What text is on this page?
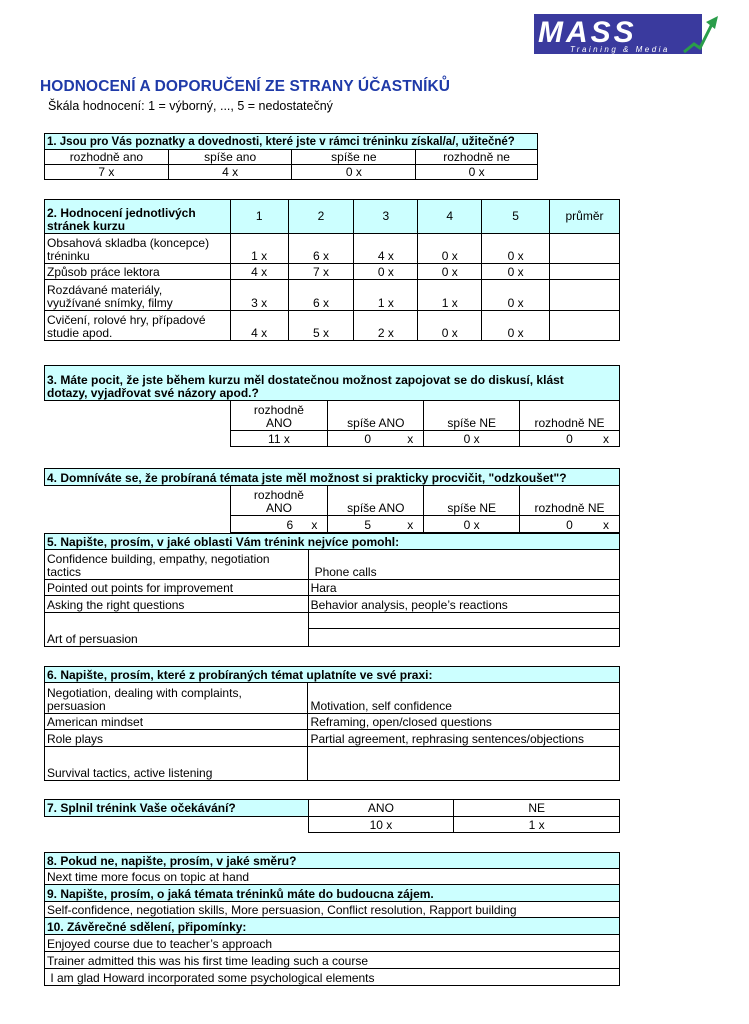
MASS
Training & Media
HODNOCENÍ A DOPORUČENÍ ZE STRANY ÚČASTNÍKŮ
Škála hodnocení: 1 = výborný, ..., 5 = nedostatečný
1. Jsou pro Vás poznatky a dovednosti, které jste v rámci tréninku získal/a/, užitečné?			
rozhodně ano	spíše ano	spíše ne	rozhodně ne
7 x	4 x	0 x	0 x
2. Hodnocení jednotlivých
stránek kurzu	1	2	3	4	5	průměr
Obsahová skladba (koncepce)
tréninku	1 x	6 x	4 x	0 x	0 x	
Způsob práce lektora	4 x	7 x	0 x	0 x	0 x	
Rozdávané materiály,
využívané snímky, filmy	3 x	6 x	1 x	1 x	0 x	
Cvičení, rolové hry, případové
studie apod.	4 x	5 x	2 x	0 x	0 x	
3. Máte pocit, že jste během kurzu měl dostatečnou možnost zapojovat se do diskusí, klást
dotazy, vyjadřovat své názory apod.?				
	rozhodně
ANO	spíše ANO	spíše NE	rozhodně NE
	11 x	0 x	0 x	0 x
4. Domníváte se, že probíraná témata jste měl možnost si prakticky procvičit, "odzkoušet"?				
	rozhodně
ANO	spíše ANO	spíše NE	rozhodně NE
	6 x	5 x	0 x	0 x
5. Napište, prosím, v jaké oblasti Vám trénink nejvíce pomohl:	
Confidence building, empathy, negotiation
tactics	Phone calls
Pointed out points for improvement	Hara
Asking the right questions	Behavior analysis, people’s reactions
Art of persuasion	
6. Napište, prosím, které z probíraných témat uplatníte ve své praxi:	
Negotiation, dealing with complaints,
persuasion	Motivation, self confidence
American mindset	Reframing, open/closed questions
Role plays	Partial agreement, rephrasing sentences/objections
Survival tactics, active listening	
7. Splnil trénink Vaše očekávání?	ANO	NE
	10 x	1 x
8. Pokud ne, napište, prosím, v jaké směru?
Next time more focus on topic at hand
9. Napište, prosím, o jaká témata tréninků máte do budoucna zájem.
Self-confidence, negotiation skills, More persuasion, Conflict resolution, Rapport building
10. Závěrečné sdělení, připomínky:
Enjoyed course due to teacher’s approach
Trainer admitted this was his first time leading such a course
I am glad Howard incorporated some psychological elements
